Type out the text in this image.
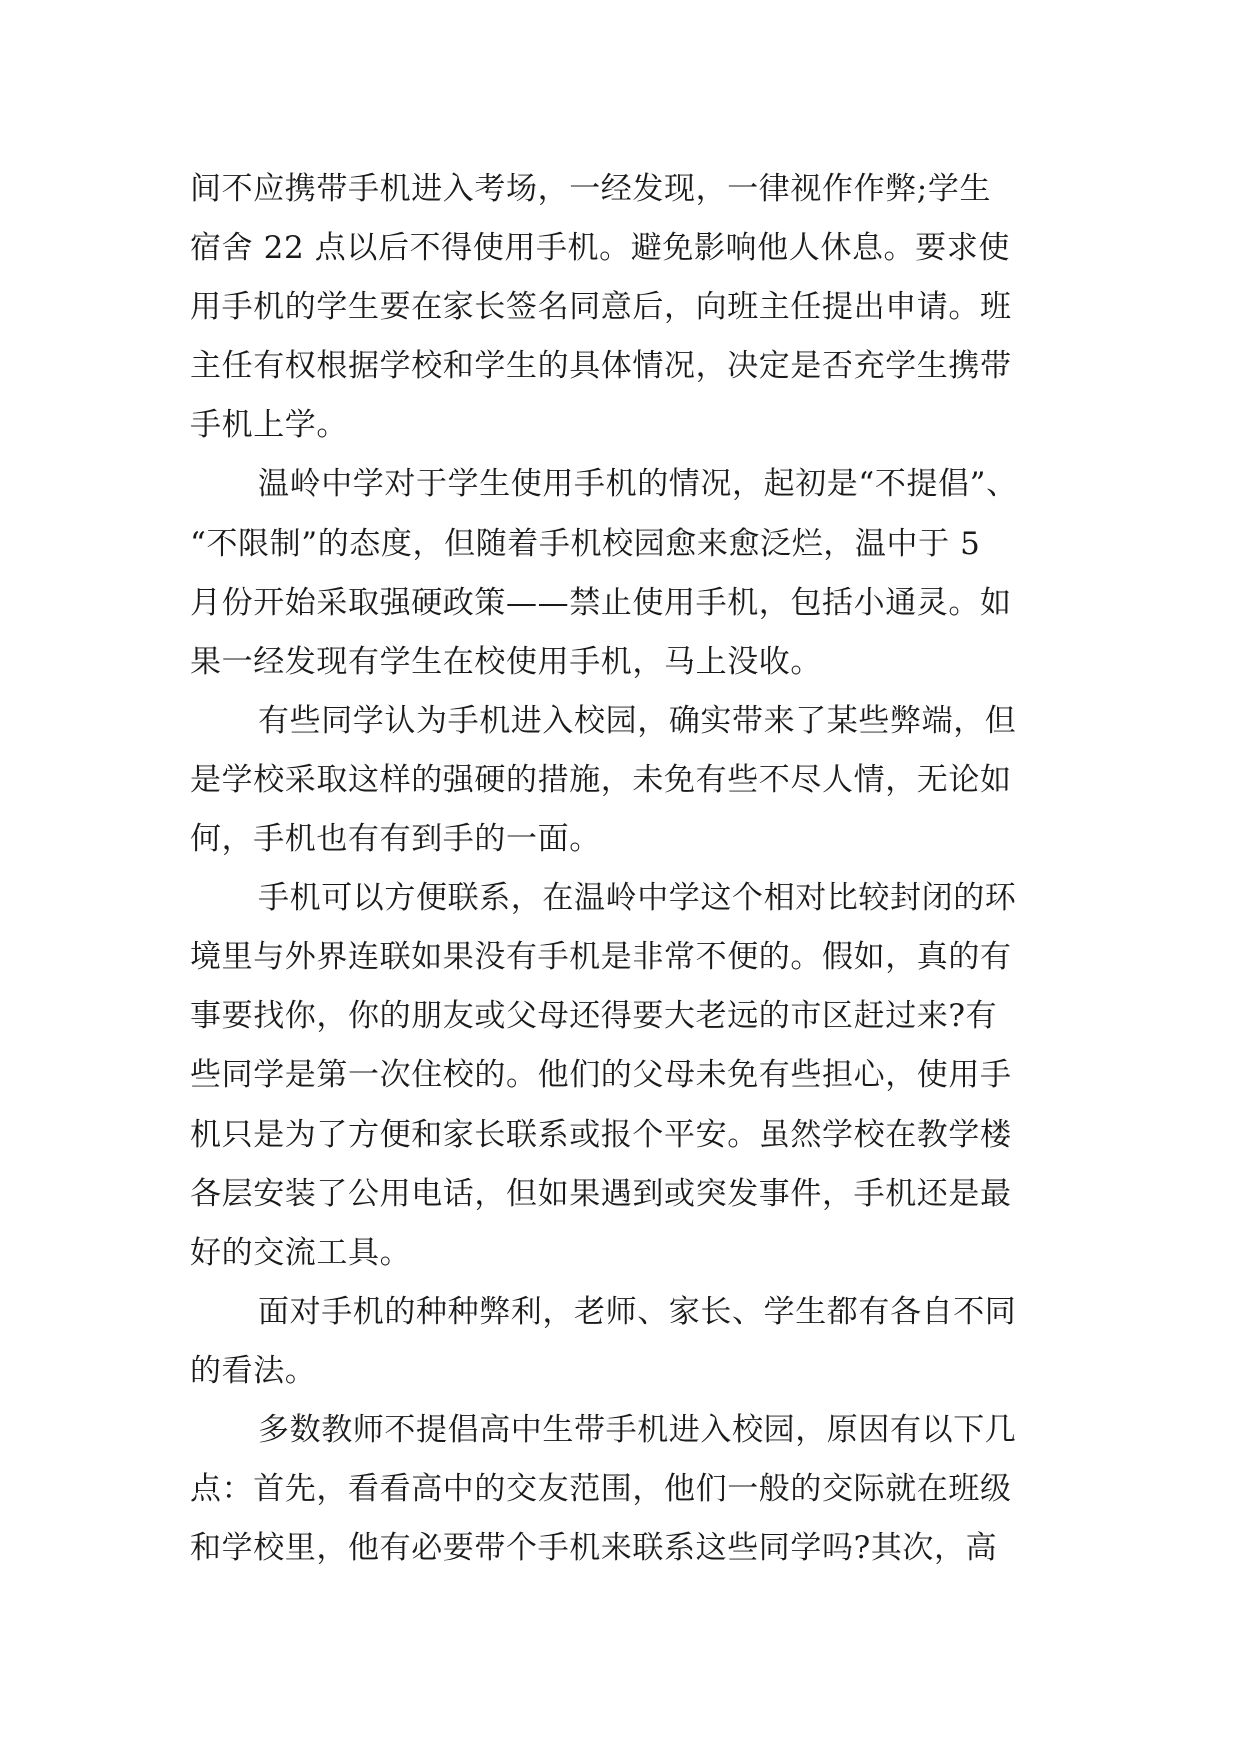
间不应携带手机进入考场，一经发现，一律视作作弊;学生
宿舍 22 点以后不得使用手机。避免影响他人休息。要求使
用手机的学生要在家长签名同意后，向班主任提出申请。班
主任有权根据学校和学生的具体情况，决定是否充学生携带
手机上学。
温岭中学对于学生使用手机的情况，起初是“不提倡”、
“不限制”的态度，但随着手机校园愈来愈泛烂，温中于 5
月份开始采取强硬政策——禁止使用手机，包括小通灵。如
果一经发现有学生在校使用手机，马上没收。
有些同学认为手机进入校园，确实带来了某些弊端，但
是学校采取这样的强硬的措施，未免有些不尽人情，无论如
何，手机也有有到手的一面。
手机可以方便联系，在温岭中学这个相对比较封闭的环
境里与外界连联如果没有手机是非常不便的。假如，真的有
事要找你，你的朋友或父母还得要大老远的市区赶过来?有
些同学是第一次住校的。他们的父母未免有些担心，使用手
机只是为了方便和家长联系或报个平安。虽然学校在教学楼
各层安装了公用电话，但如果遇到或突发事件，手机还是最
好的交流工具。
面对手机的种种弊利，老师、家长、学生都有各自不同
的看法。
多数教师不提倡高中生带手机进入校园，原因有以下几
点：首先，看看高中的交友范围，他们一般的交际就在班级
和学校里，他有必要带个手机来联系这些同学吗?其次，高
